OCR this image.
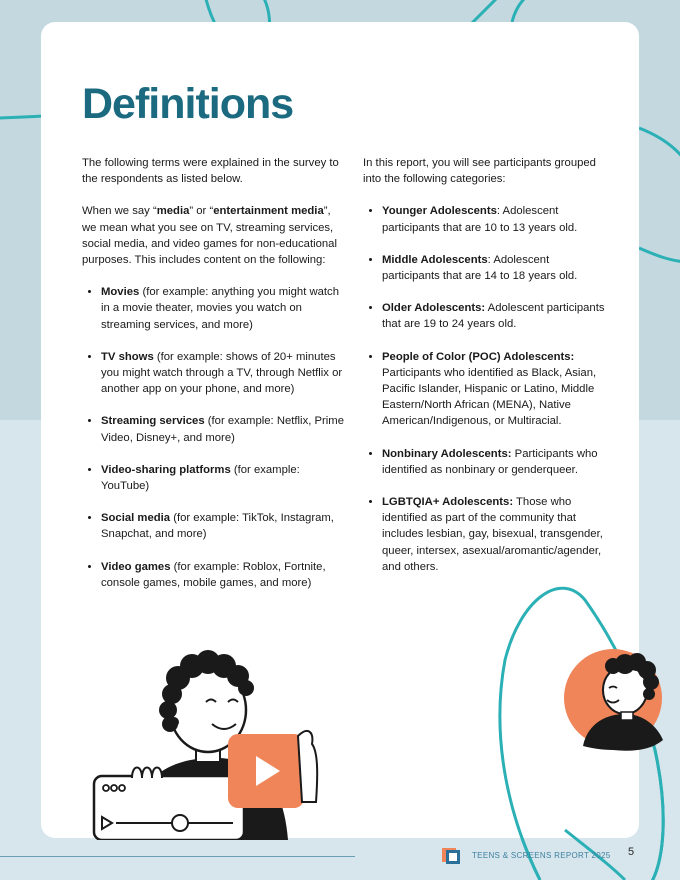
Definitions

The following terms were explained in the survey to the respondents as listed below.

When we say “media” or “entertainment media”, we mean what you see on TV, streaming services, social media, and video games for non-educational purposes. This includes content on the following:

• Movies (for example: anything you might watch in a movie theater, movies you watch on streaming services, and more)
• TV shows (for example: shows of 20+ minutes you might watch through a TV, through Netflix or another app on your phone, and more)
• Streaming services (for example: Netflix, Prime Video, Disney+, and more)
• Video-sharing platforms (for example: YouTube)
• Social media (for example: TikTok, Instagram, Snapchat, and more)
• Video games (for example: Roblox, Fortnite, console games, mobile games, and more)

In this report, you will see participants grouped into the following categories:

• Younger Adolescents: Adolescent participants that are 10 to 13 years old.
• Middle Adolescents: Adolescent participants that are 14 to 18 years old.
• Older Adolescents: Adolescent participants that are 19 to 24 years old.
• People of Color (POC) Adolescents: Participants who identified as Black, Asian, Pacific Islander, Hispanic or Latino, Middle Eastern/North African (MENA), Native American/Indigenous, or Multiracial.
• Nonbinary Adolescents: Participants who identified as nonbinary or genderqueer.
• LGBTQIA+ Adolescents: Those who identified as part of the community that includes lesbian, gay, bisexual, transgender, queer, intersex, asexual/aromantic/agender, and others.
TEENS & SCREENS REPORT 2025 5
